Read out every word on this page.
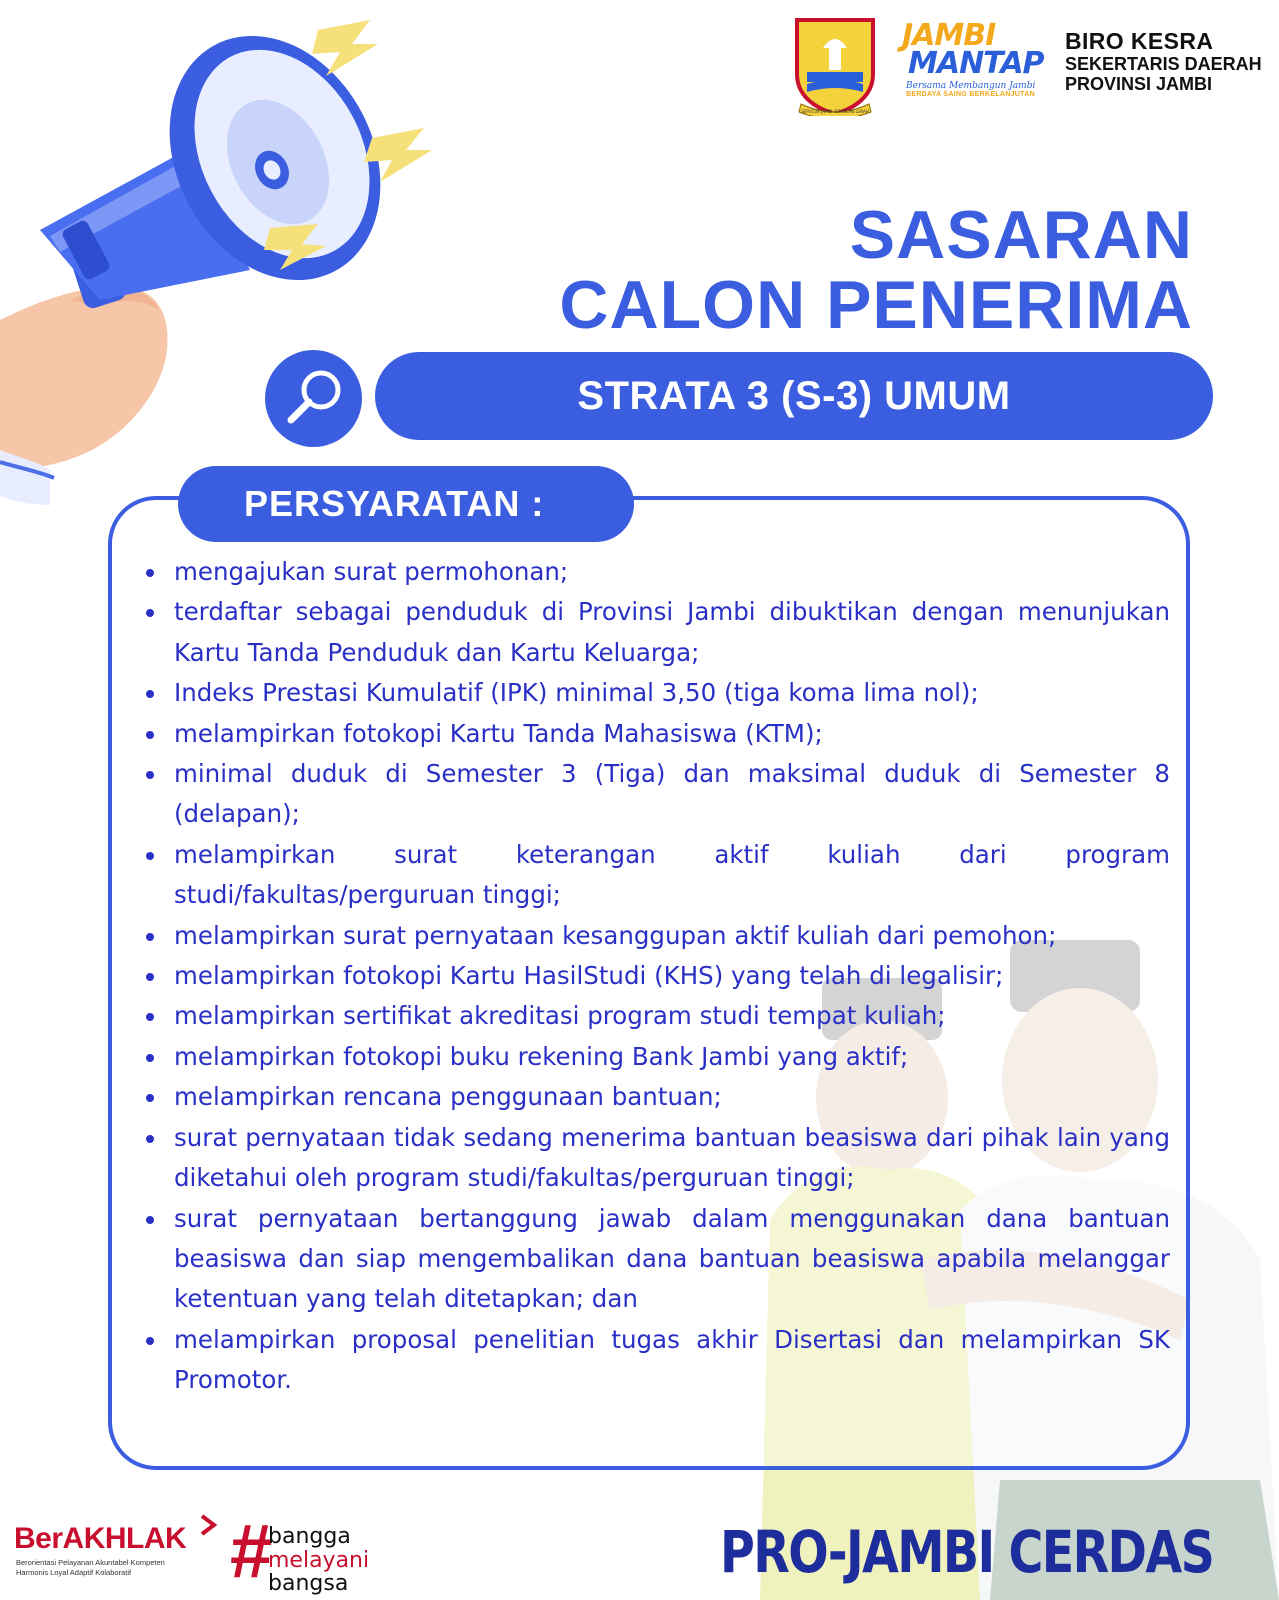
SEPUCUK JAMBI SEMBILAN LURAH
JAMBI
MANTAP
Bersama Membangun Jambi
BERDAYA SAING BERKELANJUTAN
BIRO KESRA
SEKERTARIS DAERAH
PROVINSI JAMBI
SASARAN
CALON PENERIMA
STRATA 3 (S-3) UMUM
PERSYARATAN :
mengajukan surat permohonan;
terdaftar sebagai penduduk di Provinsi Jambi dibuktikan dengan menunjukan Kartu Tanda Penduduk dan Kartu Keluarga;
Indeks Prestasi Kumulatif (IPK) minimal 3,50 (tiga koma lima nol);
melampirkan fotokopi Kartu Tanda Mahasiswa (KTM);
minimal duduk di Semester 3 (Tiga) dan maksimal duduk di Semester 8 (delapan);
melampirkan surat keterangan aktif kuliah dari program studi/fakultas/perguruan tinggi;
melampirkan surat pernyataan kesanggupan aktif kuliah dari pemohon;
melampirkan fotokopi Kartu HasilStudi (KHS) yang telah di legalisir;
melampirkan sertifikat akreditasi program studi tempat kuliah;
melampirkan fotokopi buku rekening Bank Jambi yang aktif;
melampirkan rencana penggunaan bantuan;
surat pernyataan tidak sedang menerima bantuan beasiswa dari pihak lain yang diketahui oleh program studi/fakultas/perguruan tinggi;
surat pernyataan bertanggung jawab dalam menggunakan dana bantuan beasiswa dan siap mengembalikan dana bantuan beasiswa apabila melanggar ketentuan yang telah ditetapkan; dan
melampirkan proposal penelitian tugas akhir Disertasi dan melampirkan SK Promotor.
BerAKHLAK
Berorientasi Pelayanan Akuntabel Kompeten
Harmonis Loyal Adaptif Kolaboratif	#
bangga
melayani
bangsa	PRO-JAMBI CERDAS
